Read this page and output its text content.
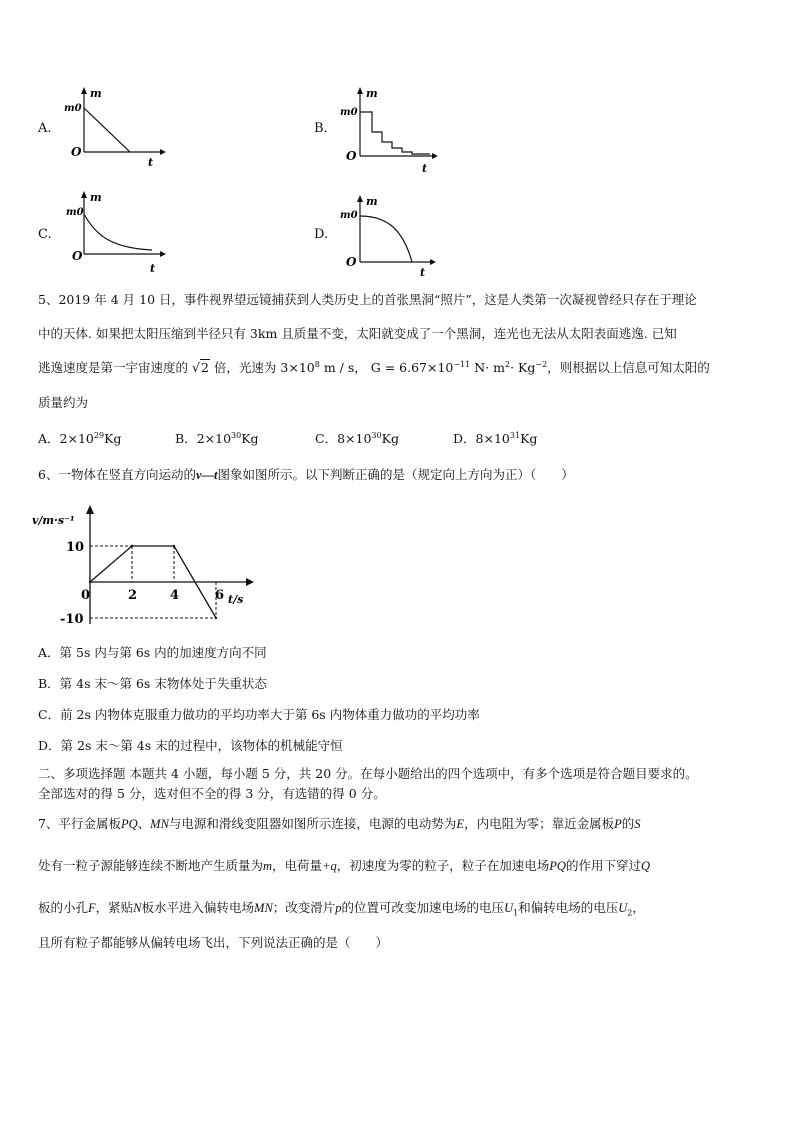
A.
m
m0
O
t
B.
m
m0
O
t
C.
m
m0
O
t
D.
m
m0
O
t
5、2019 年 4 月 10 日，事件视界望远镜捕获到人类历史上的首张黑洞“照片”，这是人类第一次凝视曾经只存在于理论
中的天体. 如果把太阳压缩到半径只有 3km 且质量不变，太阳就变成了一个黑洞，连光也无法从太阳表面逃逸. 已知
逃逸速度是第一宇宙速度的 √2 倍，光速为 $3\times 10^8$ m / s， $G = 6.67\times 10^{-11}$ $N\cdot m^2\cdot Kg^{-2}$，则根据以上信息可知太阳的
质量约为
A．$2\times 10^{29}Kg$	B．$2\times 10^{30}Kg$	C．$8\times 10^{30}Kg$	D．$8\times 10^{31}Kg$
6、一物体在竖直方向运动的v—t图象如图所示。以下判断正确的是（规定向上方向为正）（　　）
v/m·s⁻¹
t/s
10
-10
0	2	4	6
A．第 5s 内与第 6s 内的加速度方向不同
B．第 4s 末～第 6s 末物体处于失重状态
C．前 2s 内物体克服重力做功的平均功率大于第 6s 内物体重力做功的平均功率
D．第 2s 末～第 4s 末的过程中，该物体的机械能守恒
二、多项选择题 本题共 4 小题，每小题 5 分，共 20 分。在每小题给出的四个选项中，有多个选项是符合题目要求的。
全部选对的得 5 分，选对但不全的得 3 分，有选错的得 0 分。
7、平行金属板PQ、MN与电源和滑线变阻器如图所示连接，电源的电动势为E，内电阻为零；靠近金属板P的S
处有一粒子源能够连续不断地产生质量为m，电荷量+q，初速度为零的粒子，粒子在加速电场PQ的作用下穿过Q
板的小孔F，紧贴N板水平进入偏转电场MN；改变滑片p的位置可改变加速电场的电压$U_1$和偏转电场的电压$U_2$，
且所有粒子都能够从偏转电场飞出，下列说法正确的是（　　）
